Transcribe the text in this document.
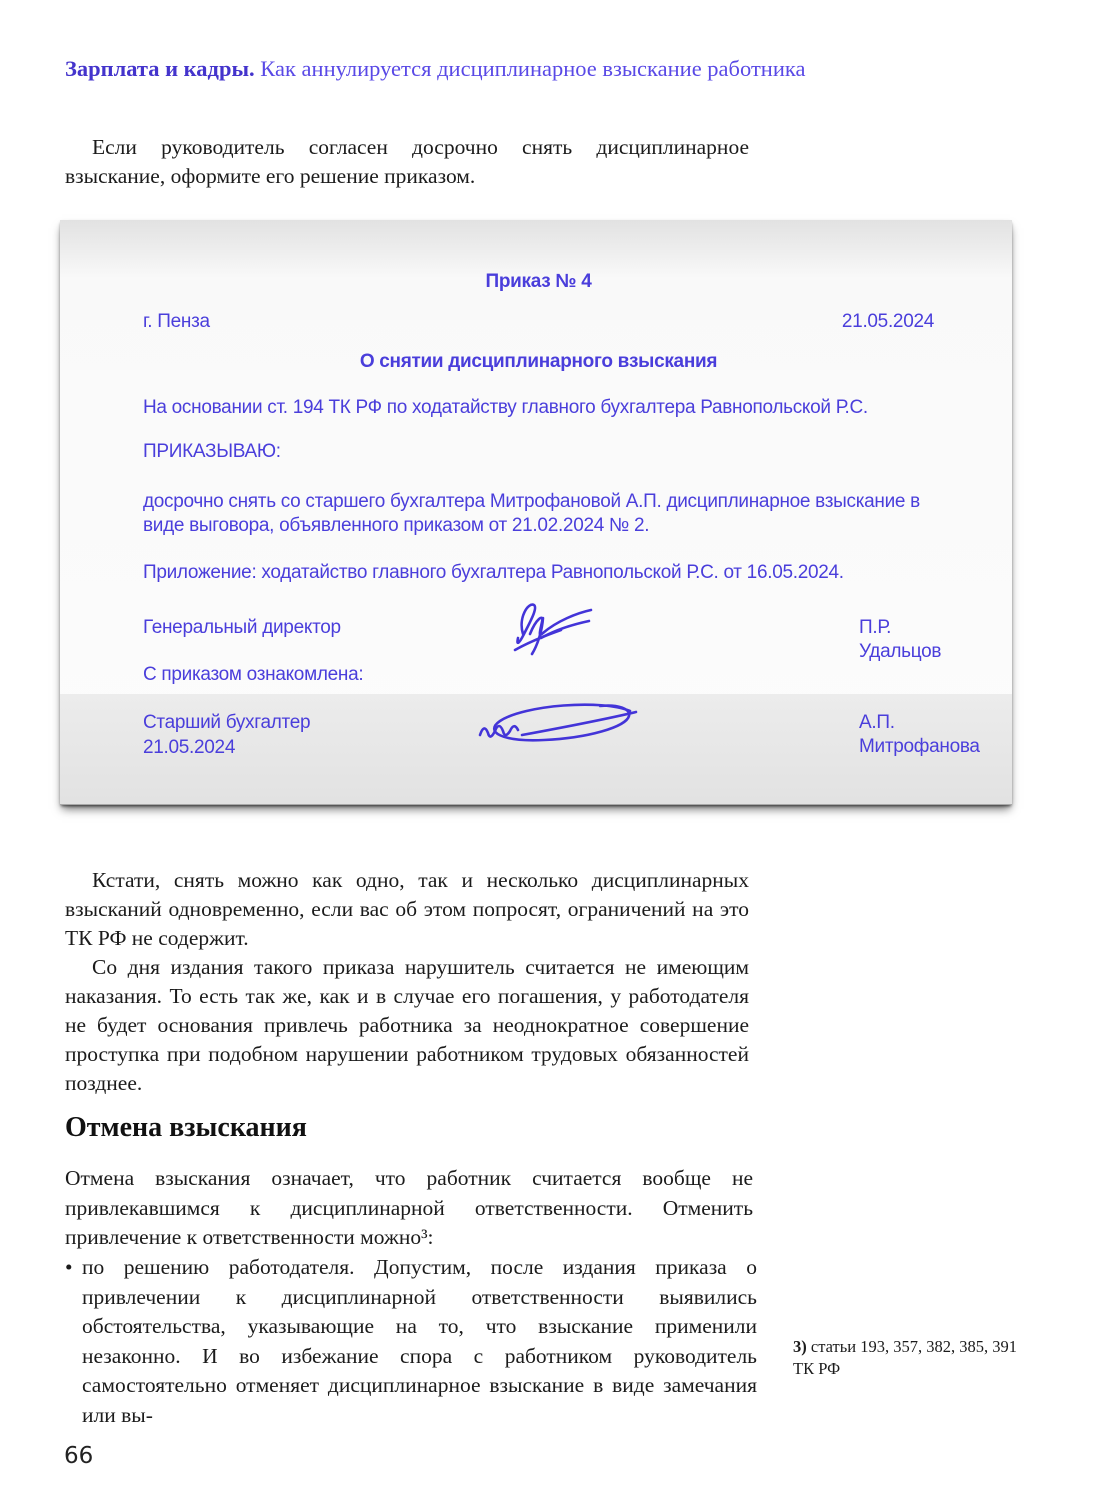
Зарплата и кадры. Как аннулируется дисциплинарное взыскание работника

Если руководитель согласен досрочно снять дисциплинарное взыскание, оформите его решение приказом.

Приказ № 4
г. Пенза	21.05.2024
О снятии дисциплинарного взыскания
На основании ст. 194 ТК РФ по ходатайству главного бухгалтера Равнопольской Р.С.
ПРИКАЗЫВАЮ:
досрочно снять со старшего бухгалтера Митрофановой А.П. дисциплинарное взыскание в виде выговора, объявленного приказом от 21.02.2024 № 2.
Приложение: ходатайство главного бухгалтера Равнопольской Р.С. от 16.05.2024.
Генеральный директор	П.Р. Удальцов
С приказом ознакомлена:
Старший бухгалтер	А.П. Митрофанова
21.05.2024

Кстати, снять можно как одно, так и несколько дисциплинарных взысканий одновременно, если вас об этом попросят, ограничений на это ТК РФ не содержит.

Со дня издания такого приказа нарушитель считается не имеющим наказания. То есть так же, как и в случае его погашения, у работодателя не будет основания привлечь работника за неоднократное совершение проступка при подобном нарушении работником трудовых обязанностей позднее.

Отмена взыскания

Отмена взыскания означает, что работник считается вообще не привлекавшимся к дисциплинарной ответственности. Отменить привлечение к ответственности можно³:

• по решению работодателя. Допустим, после издания приказа о привлечении к дисциплинарной ответственности выявились обстоятельства, указывающие на то, что взыскание применили незаконно. И во избежание спора с работником руководитель самостоятельно отменяет дисциплинарное взыскание в виде замечания или вы-
3) статьи 193, 357, 382, 385, 391 ТК РФ
66
